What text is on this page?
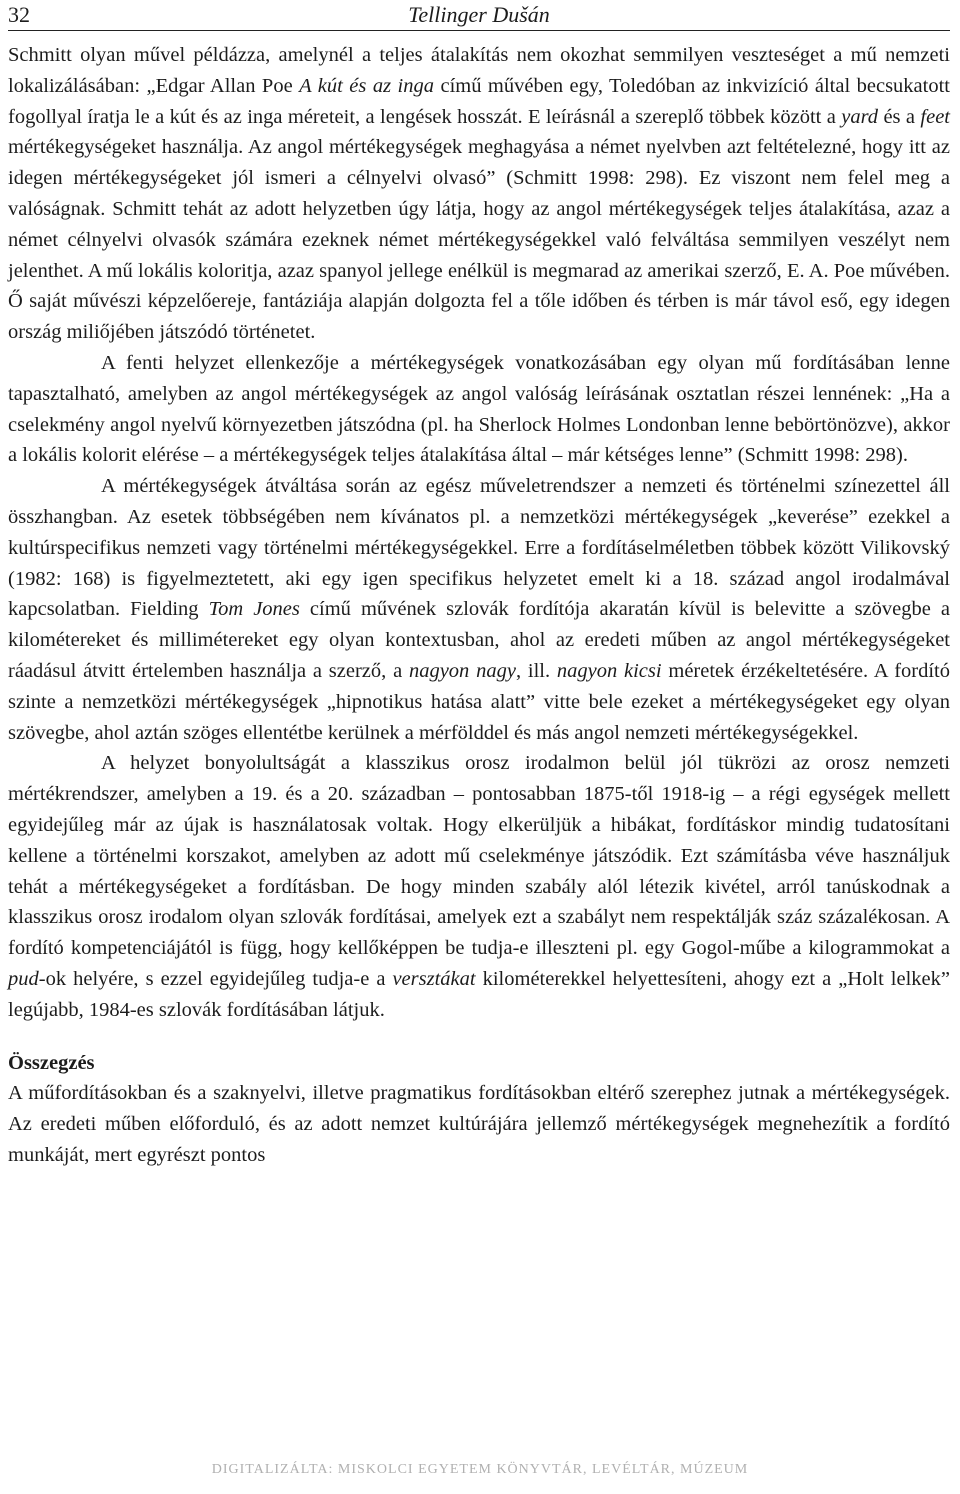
32	Tellinger Dušán

Schmitt olyan művel példázza, amelynél a teljes átalakítás nem okozhat semmilyen veszteséget a mű nemzeti lokalizálásában: „Edgar Allan Poe A kút és az inga című művében egy, Toledóban az inkvizíció által becsukatott fogollyal íratja le a kút és az inga méreteit, a lengések hosszát. E leírásnál a szereplő többek között a yard és a feet mértékegységeket használja. Az angol mértékegységek meghagyása a német nyelvben azt feltételezné, hogy itt az idegen mértékegységeket jól ismeri a célnyelvi olvasó” (Schmitt 1998: 298). Ez viszont nem felel meg a valóságnak. Schmitt tehát az adott helyzetben úgy látja, hogy az angol mértékegységek teljes átalakítása, azaz a német célnyelvi olvasók számára ezeknek német mértékegységekkel való felváltása semmilyen veszélyt nem jelenthet. A mű lokális koloritja, azaz spanyol jellege enélkül is megmarad az amerikai szerző, E. A. Poe művében. Ő saját művészi képzelőereje, fantáziája alapján dolgozta fel a tőle időben és térben is már távol eső, egy idegen ország miliőjében játszódó történetet.

A fenti helyzet ellenkezője a mértékegységek vonatkozásában egy olyan mű fordításában lenne tapasztalható, amelyben az angol mértékegységek az angol valóság leírásának osztatlan részei lennének: „Ha a cselekmény angol nyelvű környezetben játszódna (pl. ha Sherlock Holmes Londonban lenne bebörtönözve), akkor a lokális kolorit elérése – a mértékegységek teljes átalakítása által – már kétséges lenne” (Schmitt 1998: 298).

A mértékegységek átváltása során az egész műveletrendszer a nemzeti és történelmi színezettel áll összhangban. Az esetek többségében nem kívánatos pl. a nemzetközi mértékegységek „keverése” ezekkel a kultúrspecifikus nemzeti vagy történelmi mértékegységekkel. Erre a fordításelméletben többek között Vilikovský (1982: 168) is figyelmeztetett, aki egy igen specifikus helyzetet emelt ki a 18. század angol irodalmával kapcsolatban. Fielding Tom Jones című művének szlovák fordítója akaratán kívül is belevitte a szövegbe a kilométereket és millimétereket egy olyan kontextusban, ahol az eredeti műben az angol mértékegységeket ráadásul átvitt értelemben használja a szerző, a nagyon nagy, ill. nagyon kicsi méretek érzékeltetésére. A fordító szinte a nemzetközi mértékegységek „hipnotikus hatása alatt” vitte bele ezeket a mértékegységeket egy olyan szövegbe, ahol aztán szöges ellentétbe kerülnek a mérfölddel és más angol nemzeti mértékegységekkel.

A helyzet bonyolultságát a klasszikus orosz irodalmon belül jól tükrözi az orosz nemzeti mértékrendszer, amelyben a 19. és a 20. században – pontosabban 1875-től 1918-ig – a régi egységek mellett egyidejűleg már az újak is használatosak voltak. Hogy elkerüljük a hibákat, fordításkor mindig tudatosítani kellene a történelmi korszakot, amelyben az adott mű cselekménye játszódik. Ezt számításba véve használjuk tehát a mértékegységeket a fordításban. De hogy minden szabály alól létezik kivétel, arról tanúskodnak a klasszikus orosz irodalom olyan szlovák fordításai, amelyek ezt a szabályt nem respektálják száz százalékosan. A fordító kompetenciájától is függ, hogy kellőképpen be tudja-e illeszteni pl. egy Gogol-műbe a kilogrammokat a pud-ok helyére, s ezzel egyidejűleg tudja-e a versztákat kilométerekkel helyettesíteni, ahogy ezt a „Holt lelkek” legújabb, 1984-es szlovák fordításában látjuk.

Összegzés

A műfordításokban és a szaknyelvi, illetve pragmatikus fordításokban eltérő szerephez jutnak a mértékegységek. Az eredeti műben előforduló, és az adott nemzet kultúrájára jellemző mértékegységek megnehezítik a fordító munkáját, mert egyrészt pontos

DIGITALIZÁLTA: MISKOLCI EGYETEM KÖNYVTÁR, LEVÉLTÁR, MÚZEUM
